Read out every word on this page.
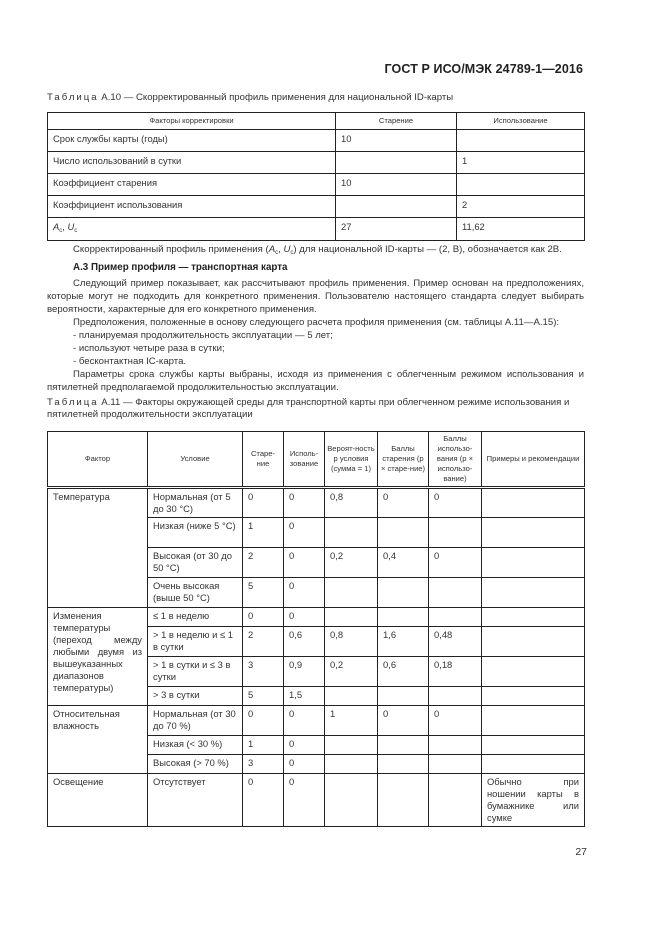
ГОСТ Р ИСО/МЭК 24789-1—2016
Таблица А.10 — Скорректированный профиль применения для национальной ID-карты
Факторы корректировки	Старение	Использование
Срок службы карты (годы)	10	
Число использований в сутки		1
Коэффициент старения	10	
Коэффициент использования		2
$A_c$, $U_c$	27	11,62
Скорректированный профиль применения ($A_c$, $U_c$) для национальной ID-карты — (2, B), обозначается как 2B.
А.3 Пример профиля — транспортная карта
Следующий пример показывает, как рассчитывают профиль применения. Пример основан на предположениях, которые могут не подходить для конкретного применения. Пользователю настоящего стандарта следует выбирать вероятности, характерные для его конкретного применения.
Предположения, положенные в основу следующего расчета профиля применения (см. таблицы А.11—А.15):
- планируемая продолжительность эксплуатации — 5 лет;
- используют четыре раза в сутки;
- бесконтактная IC-карта.
Параметры срока службы карты выбраны, исходя из применения с облегченным режимом использования и пятилетней предполагаемой продолжительностью эксплуатации.
Таблица А.11 — Факторы окружающей среды для транспортной карты при облегченном режиме использования и пятилетней продолжительности эксплуатации
Фактор	Условие	Старе-ние	Исполь-зование	Вероят-ность p условия (сумма = 1)	Баллы старения (p × старе-ние)	Баллы использо-вания (p × использо-вание)	Примеры и рекомендации
Температура	Нормальная (от 5 до 30 °C)	0	0	0,8	0	0	
	Низкая (ниже 5 °C)	1	0				
	Высокая (от 30 до 50 °C)	2	0	0,2	0,4	0	
	Очень высокая (выше 50 °C)	5	0				
Изменения температуры (переход между любыми двумя из вышеуказанных диапазонов температуры)	≤ 1 в неделю	0	0				
	> 1 в неделю и ≤ 1 в сутки	2	0,6	0,8	1,6	0,48	
	> 1 в сутки и ≤ 3 в сутки	3	0,9	0,2	0,6	0,18	
	> 3 в сутки	5	1,5				
Относительная влажность	Нормальная (от 30 до 70 %)	0	0	1	0	0	
	Низкая (< 30 %)	1	0				
	Высокая (> 70 %)	3	0				
Освещение	Отсутствует	0	0				Обычно при ношении карты в бумажнике или сумке
27
